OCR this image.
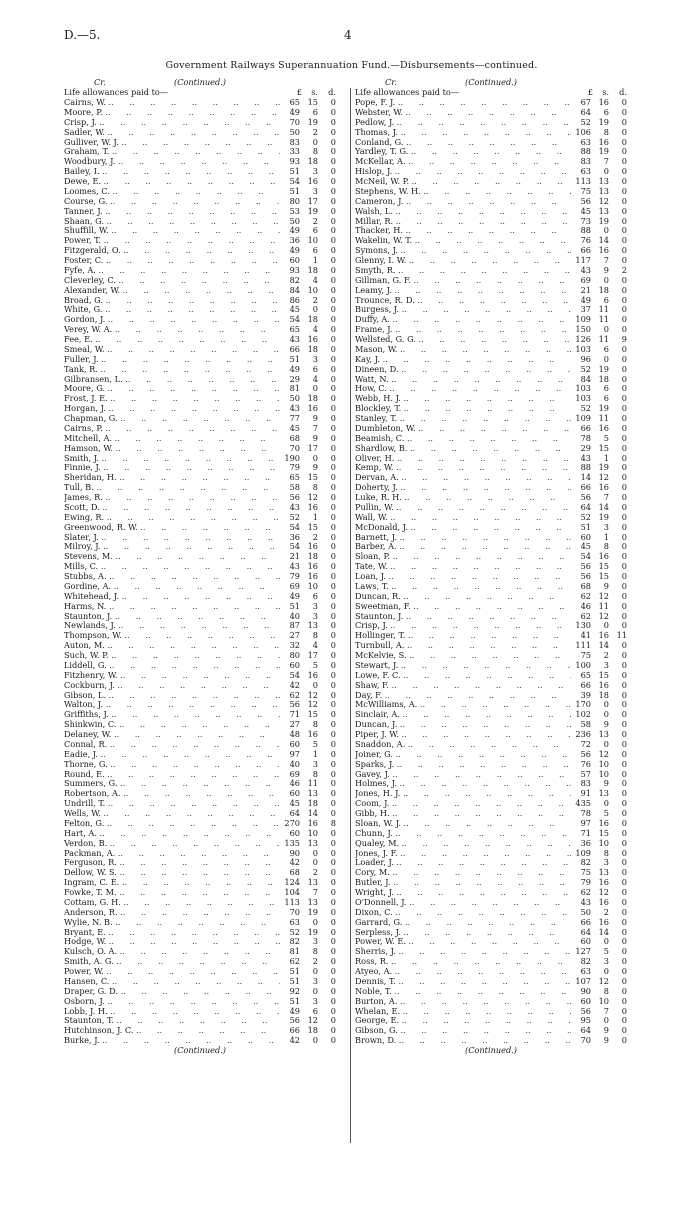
D.—5.	4
Government Railways Superannuation Fund.—Disbursements—continued.
Cr.	(Continued.)
Life allowances paid to—	£	s.	d.
Cairns, W. ..	65 15	0
Moore, P. ..	49	6	0
Crisp, J. ..	70 19	0
Sadler, W. ..	50	2	0
Gulliver, W. J. ..	83	0	0
Graham, T. ..	33	8	0
Woodbury, J. ..	93 18	0
Bailey, I. ..	51	3	0
Dewe, E. ..	54 16	0
Loomes, C. ..	51	3	0
Course, G. ..	80 17	0
Tanner, J. ..	53 19	0
Shaan, G. ..	50	2	0
Shuffill, W. ..	49	6	0
Power, T. ..	36 10	0
Fitzgerald, O. ..	49	6	0
Foster, C. ..	60	1	0
Fyfe, A. ..	93 18	0
Cleverley, C. ..	82	4	0
Alexander, W. ..	84 10	0
Broad, G. ..	86	2	0
White, G. ..	45	0	0
Gordon, J. ..	54 18	0
Verey, W. A. ..	65	4	0
Fee, E. ..	43 16	0
Smeal, W. ..	66 18	0
Fuller, J. ..	51	3	0
Tank, R. ..	49	6	0
Gilbransen, L. ..	29	4	0
Moore, G. ..	81	0	0
Frost, J. E. ..	50 18	0
Horgan, J. ..	43 16	0
Chapman, G. ..	77	9	0
Cairns, P. ..	45	7	0
Mitchell, A. ..	68	9	0
Hamson, W. ..	70 17	0
Smith, J. ..	190	0	0
Finnie, J. ..	79	9	0
Sheridan, H. ..	65 15	0
Tull, B. ..	58	8	0
James, R. ..	56 12	0
Scott, D. ..	43 16	0
Ewing, R. ..	52	1	0
Greenwood, R. W. ..	54 15	0
Slater, J. ..	36	2	0
Milroy, J. ..	54 16	0
Stevens, M. ..	21 18	0
Mills, C. ..	43 16	0
Stubbs, A. ..	79 16	0
Gordine, A. ..	69 10	0
Whitehead, J. ..	49	6	0
Harms, N. ..	51	3	0
Staunton, J. ..	40	3	0
Newlands, J. ..	87 13	0
Thompson, W. ..	27	8	0
Auton, M. ..	32	4	0
Such, W. P. ..	80 17	0
Liddell, G. ..	60	5	0
Fitzhenry, W. ..	54 16	0
Cockburn, J. ..	42	0	0
Gibson, L. ..	62 12	0
Walton, J. ..	56 12	0
Griffiths, J. ..	71 15	0
Shinkwin, C. ..	27	8	0
Delaney, W. ..	48 16	0
Connal, R. ..	60	5	0
Eadie, J. ..	97	1	0
Thorne, G. ..	40	3	0
Round, E. ..	69	8	0
Summers, G. ..	46 11	0
Robertson, A. ..	60 13	0
Undrill, T. ..	45 18	0
Wells, W. ..	64 14	0
Felton, G. ..	270 16	8
Hart, A. ..	60 10	0
Verdon, B. ..	135 13	0
Packman, A. ..	90	0	0
Ferguson, R. ..	42	0	0
Dellow, W. S. ..	68	2	0
Ingram, C. E. ..	124 13	0
Fowke, T. M. ..	104	7	0
Cottam, G. H. ..	113 13	0
Anderson, R. ..	70 19	0
Wylie, N. B. ..	63	0	0
Bryant, E. ..	52 19	0
Hodge, W. ..	82	3	0
Kulsch, O. A. ..	81	8	0
Smith, A. G. ..	62	2	0
Power, W. ..	51	0	0
Hansen, C. ..	51	3	0
Draper, G. D. ..	92	0	0
Osborn, J. ..	51	3	0
Lobb, J. H. ..	49	6	0
Staunton, T. ..	56 12	0
Hutchinson, J. C. ..	66 18	0
Burke, J. ..	42	0	0
(Continued.)
Cr.	(Continued.)
Life allowances paid to—	£	s.	d.
Pope, F. J. ..	67 16	0
Webster, W. ..	64	6	0
Pedlow, J. ..	52 19	0
Thomas, J. ..	106	8	0
Conland, G. ..	63 16	0
Yardley, T. G. ..	88 19	0
McKellar, A. ..	83	7	0
Hislop, J. ..	63	0	0
McNeil, W. P. ..	113 13	0
Stephens, W. H. ..	75 13	0
Cameron, J. ..	56 12	0
Walsh, L. ..	45 13	0
Millar, R. ..	73 19	0
Thacker, H. ..	88	0	0
Wakelin, W. T. ..	76 14	0
Symons, J. ..	66 16	0
Glenny, I. W. ..	117	7	0
Smyth, R. ..	43	9	2
Gillman, G. F. ..	69	0	0
Leamy, J. ..	21 18	0
Trounce, R. D. ..	49	6	0
Burgess, J. ..	37 11	0
Duffy, A. ..	109 11	0
Frame, J. ..	150	0	0
Wellsted, G. G. ..	126 11	9
Mason, W. ..	103	6	0
Kay, J. ..	96	0	0
Dineen, D. ..	52 19	0
Watt, N. ..	84 18	0
How, C. ..	103	6	0
Webb, H. J. ..	103	6	0
Blockley, T. ..	52 19	0
Stanley, T. ..	109 11	0
Dumbleton, W. ..	66 16	0
Beamish, C. ..	78	5	0
Shardlow, B. ..	29 15	0
Oliver, H. ..	43	1	0
Kemp, W. ..	88 19	0
Dervan, A. ..	14 12	0
Doherty, J. ..	66 16	0
Luke, R. H. ..	56	7	0
Pullin, W. ..	64 14	0
Wall, W. ..	52 19	0
McDonald, J. ..	51	3	0
Barnett, J. ..	60	1	0
Barber, A. ..	45	8	0
Sloan, P. ..	54 16	0
Tate, W. ..	56 15	0
Loan, J. ..	56 15	0
Laws, T. ..	68	9	0
Duncan, R. ..	62 12	0
Sweetman, F. ..	46 11	0
Staunton, J. ..	62 12	0
Crisp, J. ..	130	0	0
Hollinger, T. ..	41 16 11
Turnbull, A. ..	111 14	0
McKelvie, S. ..	75	2	0
Stewart, J. ..	100	3	0
Lowe, F. C. ..	65 15	0
Shaw, F. ..	66 16	0
Day, F. ..	39 18	0
McWilliams, A. ..	170	0	0
Sinclair, A. ..	102	0	0
Duncan, J. ..	58	9	0
Piper, J. W. ..	236 13	0
Snaddon, A. ..	72	0	0
Joiner, G. ..	56 12	0
Sparks, J. ..	76 10	0
Gavey, J. ..	57 10	0
Holmes, J. ..	83	9	0
Jones, H. J. ..	91 13	0
Coom, J. ..	435	0	0
Gibb, H. ..	78	5	0
Sloan, W. J. ..	97 16	0
Chunn, J. ..	71 15	0
Qualey, M. ..	36 10	0
Jones, J. F. ..	109	8	0
Loader, J. ..	82	3	0
Cory, M. ..	75 13	0
Butler, J. ..	79 16	0
Wright, J. ..	62 12	0
O'Donnell, J. ..	43 16	0
Dixon, C. ..	50	2	0
Garrard, G. ..	66 16	0
Serpless, J. ..	64 14	0
Power, W. E. ..	60	0	0
Sherris, J. ..	127	5	0
Ross, R. ..	82	3	0
Atyeo, A. ..	63	0	0
Dennis, T. ..	107 12	0
Noble, T. ..	90	8	0
Burton, A. ..	60 10	0
Whelan, E. ..	56	7	0
George, E. ..	95	0	0
Gibson, G. ..	64	9	0
Brown, D. ..	70	9	0
(Continued.)
